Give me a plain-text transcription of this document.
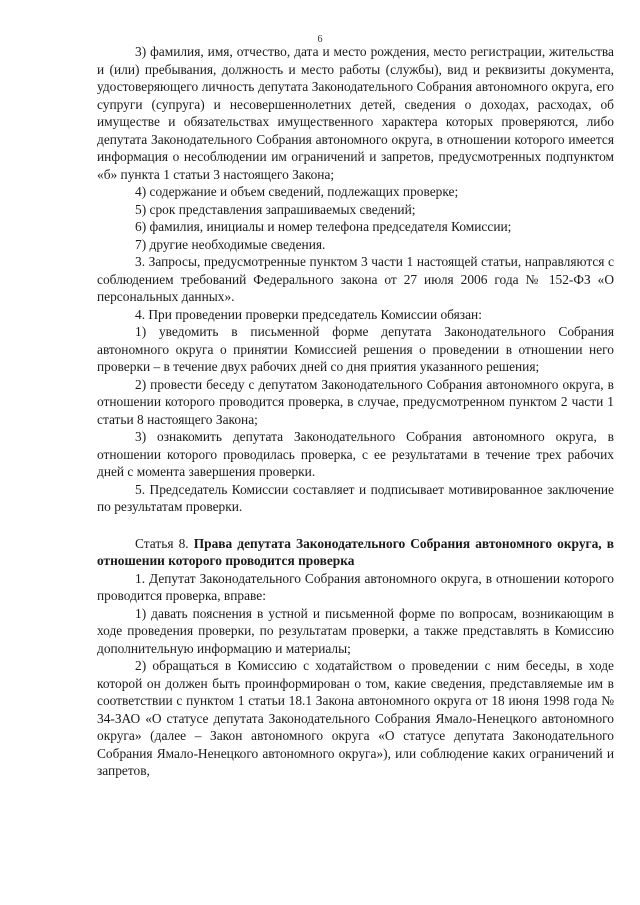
6

3) фамилия, имя, отчество, дата и место рождения, место регистрации, жительства и (или) пребывания, должность и место работы (службы), вид и реквизиты документа, удостоверяющего личность депутата Законодательного Собрания автономного округа, его супруги (супруга) и несовершеннолетних детей, сведения о доходах, расходах, об имуществе и обязательствах имущественного характера которых проверяются, либо депутата Законодательного Собрания автономного округа, в отношении которого имеется информация о несоблюдении им ограничений и запретов, предусмотренных подпунктом «б» пункта 1 статьи 3 настоящего Закона;

4) содержание и объем сведений, подлежащих проверке;

5) срок представления запрашиваемых сведений;

6) фамилия, инициалы и номер телефона председателя Комиссии;

7) другие необходимые сведения.

3. Запросы, предусмотренные пунктом 3 части 1 настоящей статьи, направляются с соблюдением требований Федерального закона от 27 июля 2006 года № 152-ФЗ «О персональных данных».

4. При проведении проверки председатель Комиссии обязан:

1) уведомить в письменной форме депутата Законодательного Собрания автономного округа о принятии Комиссией решения о проведении в отношении него проверки – в течение двух рабочих дней со дня приятия указанного решения;

2) провести беседу с депутатом Законодательного Собрания автономного округа, в отношении которого проводится проверка, в случае, предусмотренном пунктом 2 части 1 статьи 8 настоящего Закона;

3) ознакомить депутата Законодательного Собрания автономного округа, в отношении которого проводилась проверка, с ее результатами в течение трех рабочих дней с момента завершения проверки.

5. Председатель Комиссии составляет и подписывает мотивированное заключение по результатам проверки.

Статья 8. Права депутата Законодательного Собрания автономного округа, в отношении которого проводится проверка

1. Депутат Законодательного Собрания автономного округа, в отношении которого проводится проверка, вправе:

1) давать пояснения в устной и письменной форме по вопросам, возникающим в ходе проведения проверки, по результатам проверки, а также представлять в Комиссию дополнительную информацию и материалы;

2) обращаться в Комиссию с ходатайством о проведении с ним беседы, в ходе которой он должен быть проинформирован о том, какие сведения, представляемые им в соответствии с пунктом 1 статьи 18.1 Закона автономного округа от 18 июня 1998 года № 34-ЗАО «О статусе депутата Законодательного Собрания Ямало-Ненецкого автономного округа» (далее – Закон автономного округа «О статусе депутата Законодательного Собрания Ямало-Ненецкого автономного округа»), или соблюдение каких ограничений и запретов,
